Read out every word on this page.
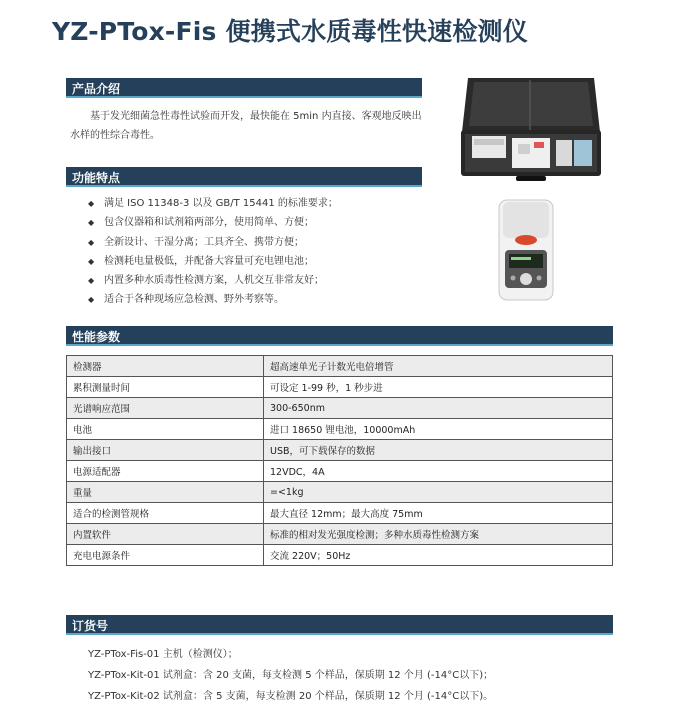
YZ-PTox-Fis 便携式水质毒性快速检测仪
产品介绍
基于发光细菌急性毒性试验而开发，最快能在 5min 内直接、客观地反映出水样的性综合毒性。
功能特点
◆ 满足 ISO 11348-3 以及 GB/T 15441 的标准要求；
◆ 包含仪器箱和试剂箱两部分，使用简单、方便；
◆ 全新设计、干湿分离；工具齐全、携带方便；
◆ 检测耗电量极低，并配备大容量可充电锂电池；
◆ 内置多种水质毒性检测方案，人机交互非常友好；
◆ 适合于各种现场应急检测、野外考察等。
性能参数
检测器	超高速单光子计数光电倍增管
累积测量时间	可设定 1-99 秒，1 秒步进
光谱响应范围	300-650nm
电池	进口 18650 锂电池，10000mAh
输出接口	USB，可下载保存的数据
电源适配器	12VDC，4A
重量	=<1kg
适合的检测管规格	最大直径 12mm；最大高度 75mm
内置软件	标准的相对发光强度检测；多种水质毒性检测方案
充电电源条件	交流 220V；50Hz
订货号
YZ-PTox-Fis-01 主机（检测仪）；
YZ-PTox-Kit-01 试剂盒：含 20 支菌，每支检测 5 个样品，保质期 12 个月 (-14°C以下)；
YZ-PTox-Kit-02 试剂盒：含 5 支菌，每支检测 20 个样品，保质期 12 个月 (-14°C以下)。
